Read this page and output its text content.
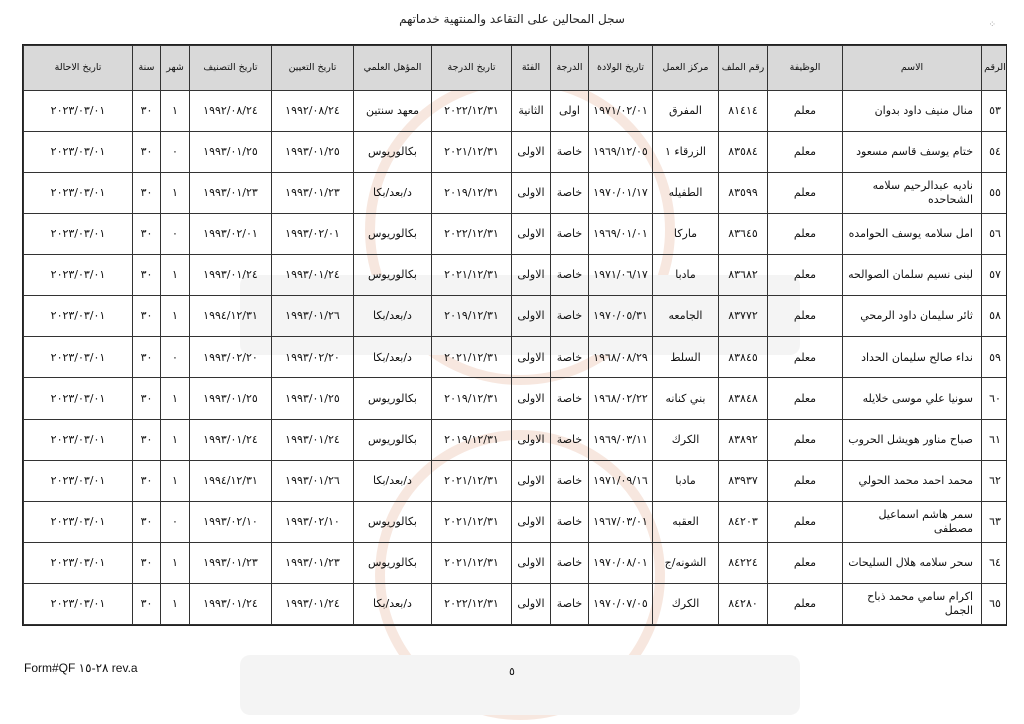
سجل المحالين على التقاعد والمنتهية خدماتهم	⁘
الرقم	الاسم	الوظيفة	رقم الملف	مركز العمل	تاريخ الولادة	الدرجة	الفئة	تاريخ الدرجة	المؤهل العلمي	تاريخ التعيين	تاريخ التصنيف	شهر	سنة	تاريخ الاحالة
٥٣	منال منيف داود بدوان	معلم	٨١٤١٤	المفرق	١٩٧١/٠٢/٠١	اولى	الثانية	٢٠٢٢/١٢/٣١	معهد سنتين	١٩٩٢/٠٨/٢٤	١٩٩٢/٠٨/٢٤	١	٣٠	٢٠٢٣/٠٣/٠١
٥٤	ختام يوسف قاسم مسعود	معلم	٨٣٥٨٤	الزرقاء ١	١٩٦٩/١٢/٠٥	خاصة	الاولى	٢٠٢١/١٢/٣١	بكالوريوس	١٩٩٣/٠١/٢٥	١٩٩٣/٠١/٢٥	٠	٣٠	٢٠٢٣/٠٣/٠١
٥٥	ناديه عبدالرحيم سلامه الشحاحده	معلم	٨٣٥٩٩	الطفيله	١٩٧٠/٠١/١٧	خاصة	الاولى	٢٠١٩/١٢/٣١	د/بعد/بكا	١٩٩٣/٠١/٢٣	١٩٩٣/٠١/٢٣	١	٣٠	٢٠٢٣/٠٣/٠١
٥٦	امل سلامه يوسف الحوامده	معلم	٨٣٦٤٥	ماركا	١٩٦٩/٠١/٠١	خاصة	الاولى	٢٠٢٢/١٢/٣١	بكالوريوس	١٩٩٣/٠٢/٠١	١٩٩٣/٠٢/٠١	٠	٣٠	٢٠٢٣/٠٣/٠١
٥٧	لبنى نسيم سلمان الصوالحه	معلم	٨٣٦٨٢	مادبا	١٩٧١/٠٦/١٧	خاصة	الاولى	٢٠٢١/١٢/٣١	بكالوريوس	١٩٩٣/٠١/٢٤	١٩٩٣/٠١/٢٤	١	٣٠	٢٠٢٣/٠٣/٠١
٥٨	ثائر سليمان داود الرمحي	معلم	٨٣٧٧٢	الجامعه	١٩٧٠/٠٥/٣١	خاصة	الاولى	٢٠١٩/١٢/٣١	د/بعد/بكا	١٩٩٣/٠١/٢٦	١٩٩٤/١٢/٣١	١	٣٠	٢٠٢٣/٠٣/٠١
٥٩	نداء صالح سليمان الحداد	معلم	٨٣٨٤٥	السلط	١٩٦٨/٠٨/٢٩	خاصة	الاولى	٢٠٢١/١٢/٣١	د/بعد/بكا	١٩٩٣/٠٢/٢٠	١٩٩٣/٠٢/٢٠	٠	٣٠	٢٠٢٣/٠٣/٠١
٦٠	سونيا علي موسى خلايله	معلم	٨٣٨٤٨	بني كنانه	١٩٦٨/٠٢/٢٢	خاصة	الاولى	٢٠١٩/١٢/٣١	بكالوريوس	١٩٩٣/٠١/٢٥	١٩٩٣/٠١/٢٥	١	٣٠	٢٠٢٣/٠٣/٠١
٦١	صباح مناور هويشل الحروب	معلم	٨٣٨٩٢	الكرك	١٩٦٩/٠٣/١١	خاصة	الاولى	٢٠١٩/١٢/٣١	بكالوريوس	١٩٩٣/٠١/٢٤	١٩٩٣/٠١/٢٤	١	٣٠	٢٠٢٣/٠٣/٠١
٦٢	محمد احمد محمد الحولي	معلم	٨٣٩٣٧	مادبا	١٩٧١/٠٩/١٦	خاصة	الاولى	٢٠٢١/١٢/٣١	د/بعد/بكا	١٩٩٣/٠١/٢٦	١٩٩٤/١٢/٣١	١	٣٠	٢٠٢٣/٠٣/٠١
٦٣	سمر هاشم اسماعيل مصطفى	معلم	٨٤٢٠٣	العقبه	١٩٦٧/٠٣/٠١	خاصة	الاولى	٢٠٢١/١٢/٣١	بكالوريوس	١٩٩٣/٠٢/١٠	١٩٩٣/٠٢/١٠	٠	٣٠	٢٠٢٣/٠٣/٠١
٦٤	سحر سلامه هلال السليحات	معلم	٨٤٢٢٤	الشونه/ج	١٩٧٠/٠٨/٠١	خاصة	الاولى	٢٠٢١/١٢/٣١	بكالوريوس	١٩٩٣/٠١/٢٣	١٩٩٣/٠١/٢٣	١	٣٠	٢٠٢٣/٠٣/٠١
٦٥	اكرام سامي محمد ذباح الجمل	معلم	٨٤٢٨٠	الكرك	١٩٧٠/٠٧/٠٥	خاصة	الاولى	٢٠٢٢/١٢/٣١	د/بعد/بكا	١٩٩٣/٠١/٢٤	١٩٩٣/٠١/٢٤	١	٣٠	٢٠٢٣/٠٣/٠١
Form#QF ٢٨-١٥ rev.a	٥
